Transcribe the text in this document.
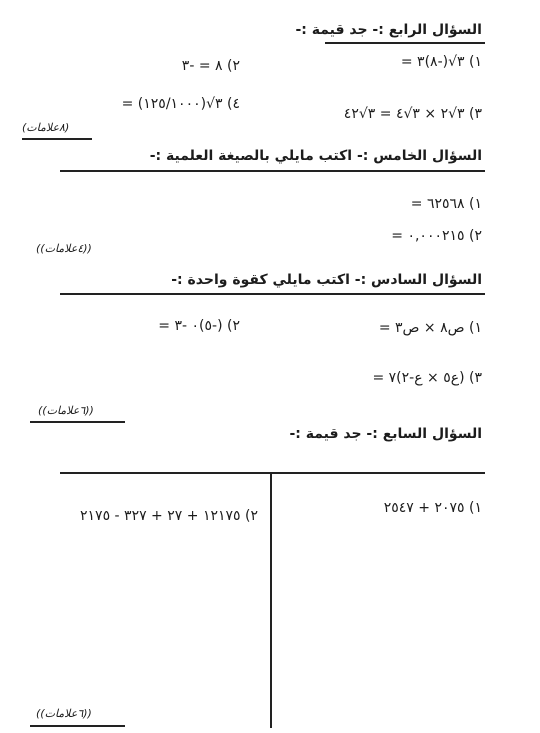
السؤال الرابع :- جد قيمة :-
١) ٣√(-٨)٣ =
٢) ٨ = -٣
٣) ٣√٢ × ٣√٤ = ٣√٤٢
٤) ٣√(١٢٥/١٠٠٠) =
(٨علامات)
السؤال الخامس :- اكتب مايلي بالصيغة العلمية :-
١) ٦٢٥٦٨ =
٢) ٠,٠٠٠٢١٥ =
((٤علامات))
السؤال السادس :- اكتب مايلي كقوة واحدة :-
١) ص٨ × ص٣ =
٢) (-٥)٠ -٣ =
٣) (ع٥ × ع-٢)٧ =
((٦علامات))
السؤال السابع :- جد قيمة :-
١) ٢٠٧٥ + ٢٥٤٧
٢) ١٢١٧٥ + ٢٧ + ٣٢٧ - ٢١٧٥
((٦علامات))
